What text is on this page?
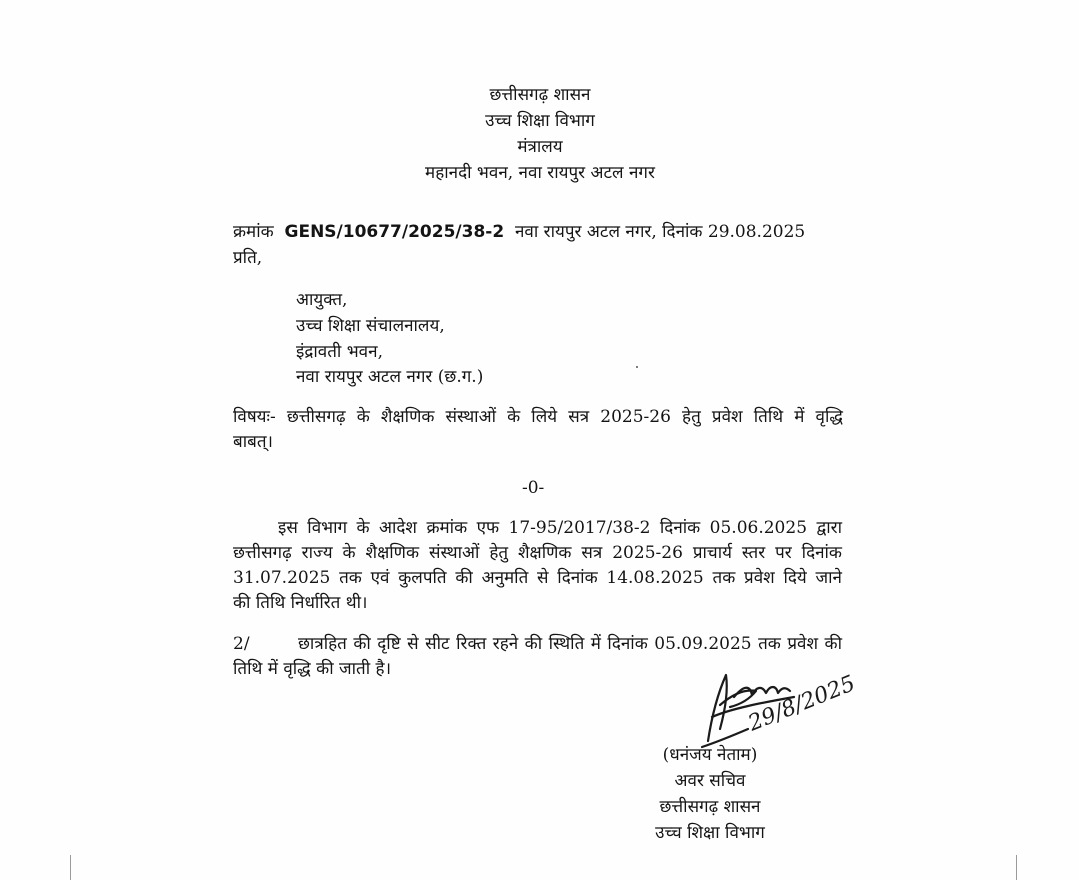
छत्तीसगढ़ शासन
उच्च शिक्षा विभाग
मंत्रालय
महानदी भवन, नवा रायपुर अटल नगर
क्रमांक GENS/10677/2025/38-2 नवा रायपुर अटल नगर, दिनांक 29.08.2025
प्रति,
आयुक्त,
उच्च शिक्षा संचालनालय,
इंद्रावती भवन,
नवा रायपुर अटल नगर (छ.ग.)
विषयः- छत्तीसगढ़ के शैक्षणिक संस्थाओं के लिये सत्र 2025-26 हेतु प्रवेश तिथि में वृद्धि
बाबत्।
-0-
इस विभाग के आदेश क्रमांक एफ 17-95/2017/38-2 दिनांक 05.06.2025 द्वारा
छत्तीसगढ़ राज्य के शैक्षणिक संस्थाओं हेतु शैक्षणिक सत्र 2025-26 प्राचार्य स्तर पर दिनांक
31.07.2025 तक एवं कुलपति की अनुमति से दिनांक 14.08.2025 तक प्रवेश दिये जाने
की तिथि निर्धारित थी।
2/	छात्रहित की दृष्टि से सीट रिक्त रहने की स्थिति में दिनांक 05.09.2025 तक प्रवेश की
तिथि में वृद्धि की जाती है।
29/8/2025
(धनंजय नेताम)
अवर सचिव
छत्तीसगढ़ शासन
उच्च शिक्षा विभाग
